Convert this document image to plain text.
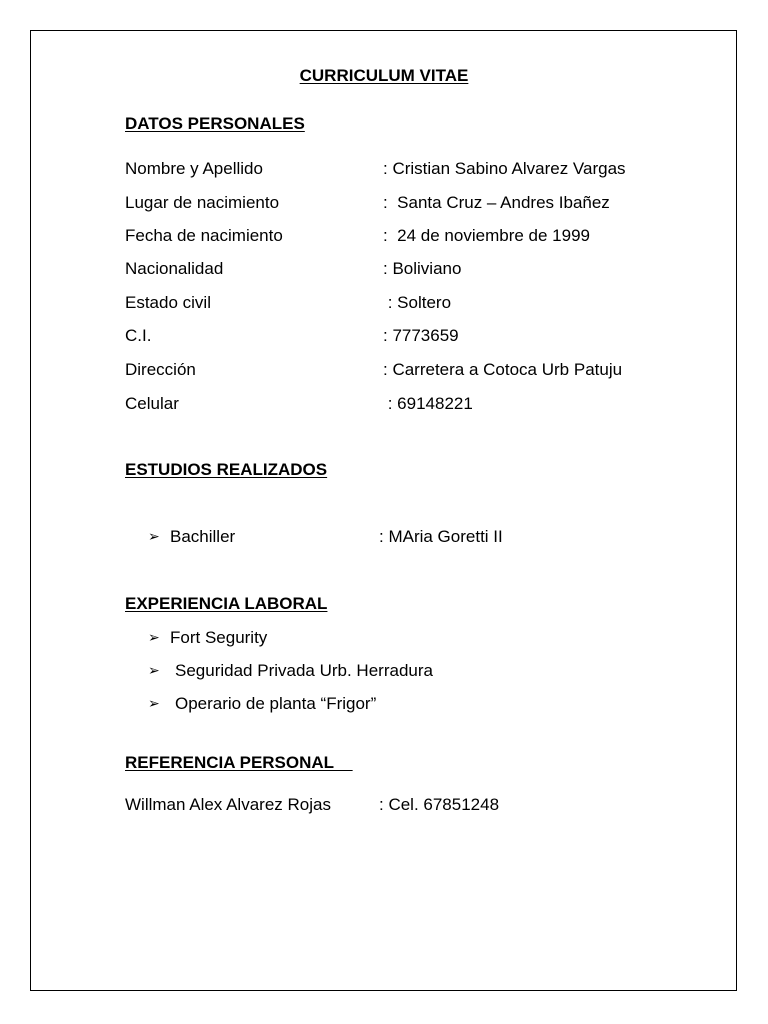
CURRICULUM VITAE
DATOS PERSONALES
Nombre y Apellido	: Cristian Sabino Alvarez Vargas
Lugar de nacimiento	:  Santa Cruz – Andres Ibañez
Fecha de nacimiento	:  24 de noviembre de 1999
Nacionalidad	: Boliviano
Estado civil	: Soltero
C.I.	: 7773659
Dirección	: Carretera a Cotoca Urb Patuju
Celular	: 69148221
ESTUDIOS REALIZADOS
➢ Bachiller	: MAria Goretti II
EXPERIENCIA LABORAL
➢ Fort Segurity
➢ Seguridad Privada Urb. Herradura
➢ Operario de planta “Frigor”
REFERENCIA PERSONAL
Willman Alex Alvarez Rojas	: Cel. 67851248
